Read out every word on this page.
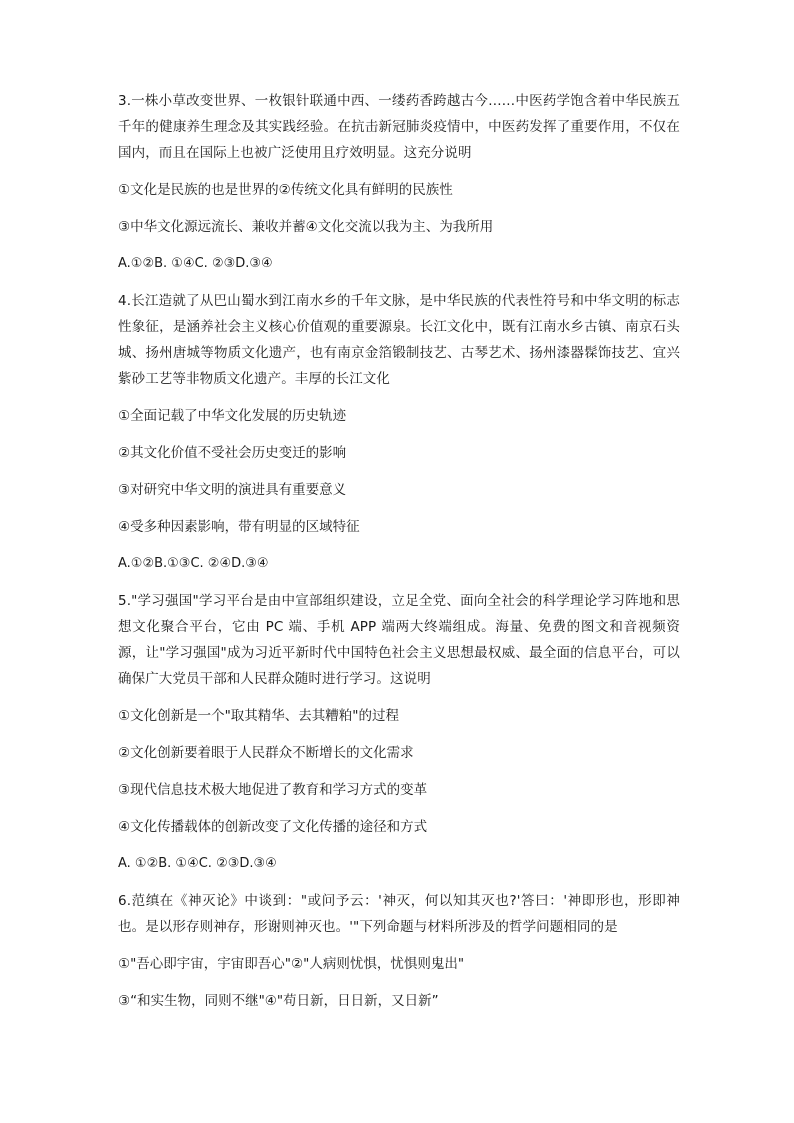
3.一株小草改变世界、一枚银针联通中西、一缕药香跨越古今……中医药学饱含着中华民族五千年的健康养生理念及其实践经验。在抗击新冠肺炎疫情中，中医药发挥了重要作用，不仅在国内，而且在国际上也被广泛使用且疗效明显。这充分说明

①文化是民族的也是世界的②传统文化具有鲜明的民族性

③中华文化源远流长、兼收并蓄④文化交流以我为主、为我所用

A.①②B. ①④C. ②③D.③④

4.长江造就了从巴山蜀水到江南水乡的千年文脉，是中华民族的代表性符号和中华文明的标志性象征，是涵养社会主义核心价值观的重要源泉。长江文化中，既有江南水乡古镇、南京石头城、扬州唐城等物质文化遗产，也有南京金箔锻制技艺、古琴艺术、扬州漆器髹饰技艺、宜兴紫砂工艺等非物质文化遗产。丰厚的长江文化

①全面记载了中华文化发展的历史轨迹

②其文化价值不受社会历史变迁的影响

③对研究中华文明的演进具有重要意义

④受多种因素影响，带有明显的区域特征

A.①②B.①③C. ②④D.③④

5."学习强国"学习平台是由中宣部组织建设，立足全党、面向全社会的科学理论学习阵地和思想文化聚合平台，它由 PC 端、手机 APP 端两大终端组成。海量、免费的图文和音视频资源，让"学习强国"成为习近平新时代中国特色社会主义思想最权威、最全面的信息平台，可以确保广大党员干部和人民群众随时进行学习。这说明

①文化创新是一个"取其精华、去其糟粕"的过程

②文化创新要着眼于人民群众不断增长的文化需求

③现代信息技术极大地促进了教育和学习方式的变革

④文化传播载体的创新改变了文化传播的途径和方式

A. ①②B. ①④C. ②③D.③④

6.范缜在《神灭论》中谈到："或问予云：'神灭，何以知其灭也?'答曰：'神即形也，形即神也。是以形存则神存，形谢则神灭也。'"下列命题与材料所涉及的哲学问题相同的是

①"吾心即宇宙，宇宙即吾心"②"人病则忧惧，忧惧则鬼出"

③“和实生物，同则不继"④"苟日新，日日新，又日新”
